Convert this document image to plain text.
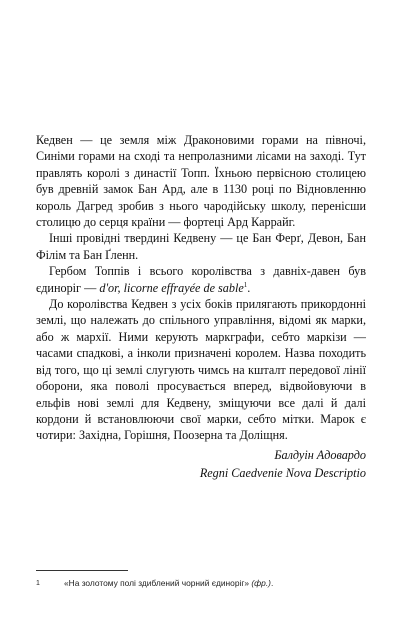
Кедвен — це земля між Драконовими горами на півночі, Синіми горами на сході та непролазними лісами на заході. Тут правлять королі з династії Топп. Їхньою первісною столицею був древній замок Бан Ард, але в 1130 році по Відновленню король Дагред зробив з нього чародійську школу, перенісши столицю до серця країни — фортеці Ард Каррайг.

Інші провідні твердині Кедвену — це Бан Ферґ, Девон, Бан Філім та Бан Ґленн.

Гербом Топпів і всього королівства з давніх-давен був єдиноріг — d'or, licorne effrayée de sable$^1$.

До королівства Кедвен з усіх боків прилягають прикордонні землі, що належать до спільного управління, відомі як марки, або ж мархії. Ними керують маркграфи, себто маркізи — часами спадкові, а інколи призначені королем. Назва походить від того, що ці землі слугують чимсь на кшталт передової лінії оборони, яка поволі просувається вперед, відвойовуючи в ельфів нові землі для Кедвену, зміщуючи все далі й далі кордони й встановлюючи свої марки, себто мітки. Марок є чотири: Західна, Горішня, Поозерна та Доліщня.

Балдуін Адовардо
Regni Caedvenie Nova Descriptio
1	«На золотому полі здиблений чорний єдиноріг» (фр.).
